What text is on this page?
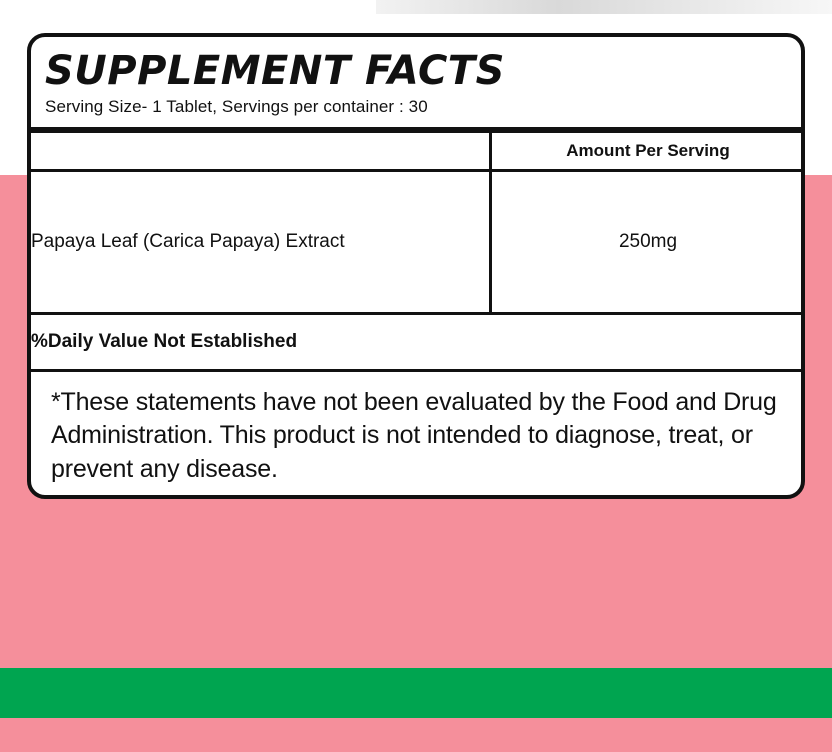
SUPPLEMENT FACTS
Serving Size- 1 Tablet, Servings per container : 30
	Amount Per Serving
Papaya Leaf (Carica Papaya) Extract	250mg
%Daily Value Not Established	
*These statements have not been evaluated by the Food and Drug Administration. This product is not intended to diagnose, treat, or prevent any disease.
